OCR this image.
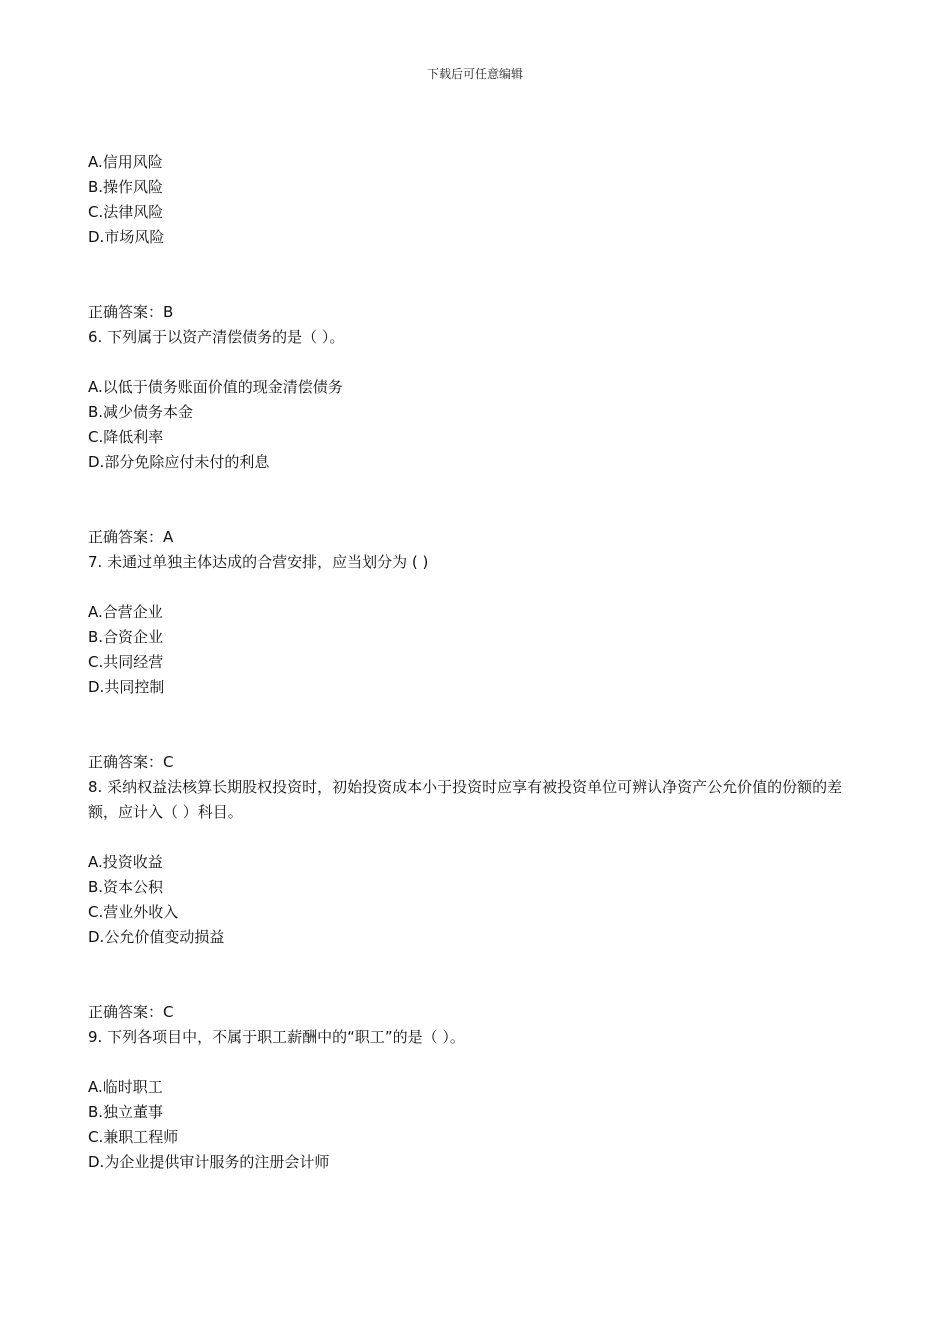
下载后可任意编辑
A.信用风险
B.操作风险
C.法律风险
D.市场风险
正确答案：B
6. 下列属于以资产清偿债务的是（ ）。
A.以低于债务账面价值的现金清偿债务
B.减少债务本金
C.降低利率
D.部分免除应付未付的利息
正确答案：A
7. 未通过单独主体达成的合营安排，应当划分为 ( )
A.合营企业
B.合资企业
C.共同经营
D.共同控制
正确答案：C
8. 采纳权益法核算长期股权投资时，初始投资成本小于投资时应享有被投资单位可辨认净资产公允价值的份额的差额，应计入（ ）科目。
A.投资收益
B.资本公积
C.营业外收入
D.公允价值变动损益
正确答案：C
9. 下列各项目中，不属于职工薪酬中的“职工”的是（ ）。
A.临时职工
B.独立董事
C.兼职工程师
D.为企业提供审计服务的注册会计师
